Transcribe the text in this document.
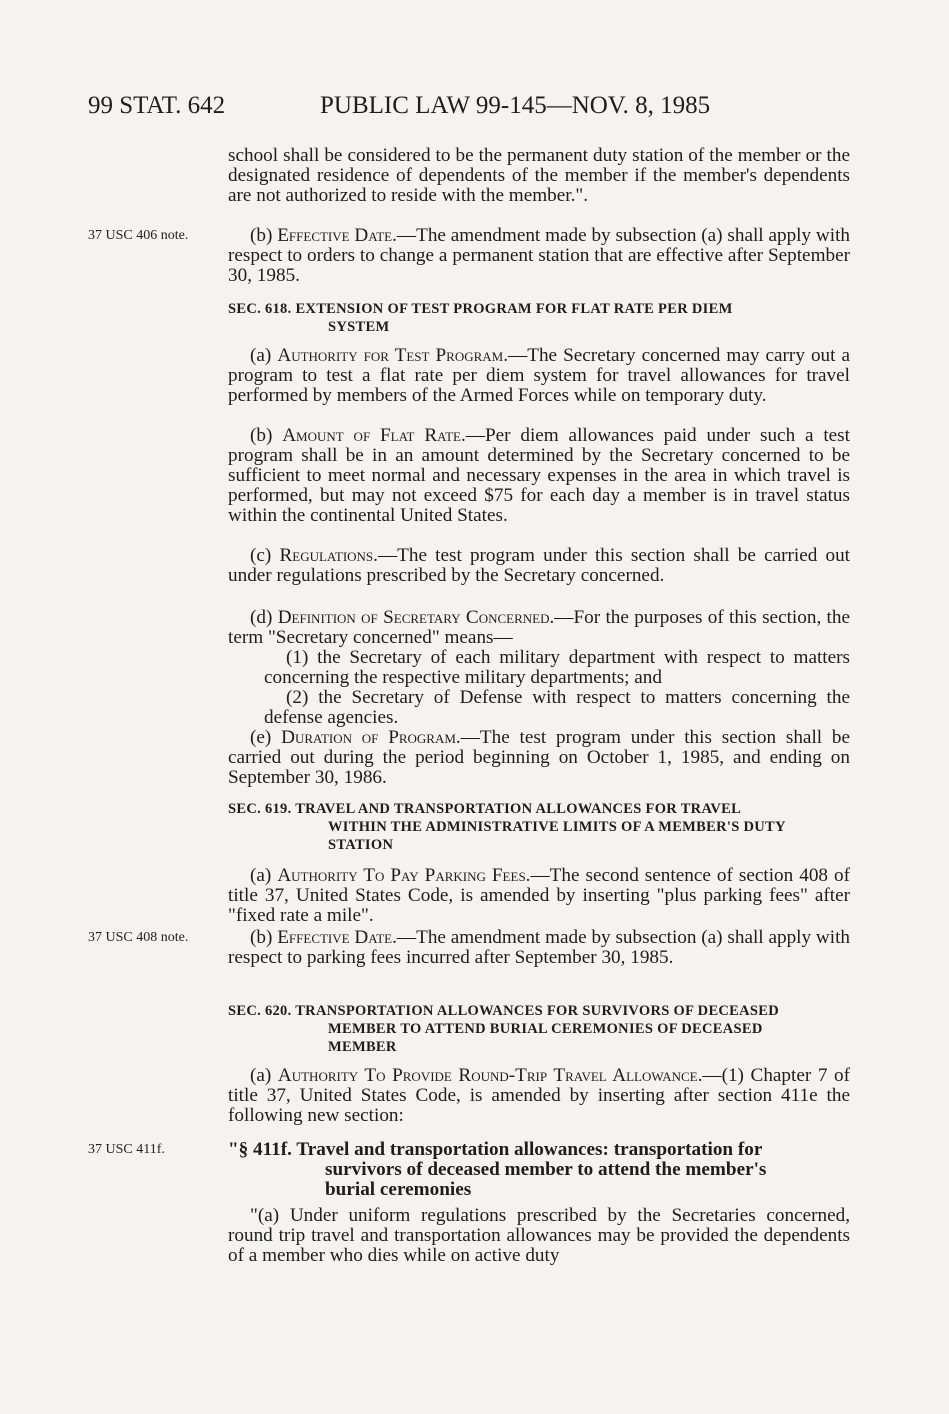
99 STAT. 642	PUBLIC LAW 99-145—NOV. 8, 1985

school shall be considered to be the permanent duty station of the member or the designated residence of dependents of the member if the member's dependents are not authorized to reside with the member.".

37 USC 406 note.	(b) Effective Date.—The amendment made by subsection (a) shall apply with respect to orders to change a permanent station that are effective after September 30, 1985.

SEC. 618. EXTENSION OF TEST PROGRAM FOR FLAT RATE PER DIEM
SYSTEM

(a) Authority for Test Program.—The Secretary concerned may carry out a program to test a flat rate per diem system for travel allowances for travel performed by members of the Armed Forces while on temporary duty.

(b) Amount of Flat Rate.—Per diem allowances paid under such a test program shall be in an amount determined by the Secretary concerned to be sufficient to meet normal and necessary expenses in the area in which travel is performed, but may not exceed $75 for each day a member is in travel status within the continental United States.

(c) Regulations.—The test program under this section shall be carried out under regulations prescribed by the Secretary concerned.

(d) Definition of Secretary Concerned.—For the purposes of this section, the term "Secretary concerned" means—

(1) the Secretary of each military department with respect to matters concerning the respective military departments; and

(2) the Secretary of Defense with respect to matters concerning the defense agencies.

(e) Duration of Program.—The test program under this section shall be carried out during the period beginning on October 1, 1985, and ending on September 30, 1986.

SEC. 619. TRAVEL AND TRANSPORTATION ALLOWANCES FOR TRAVEL
WITHIN THE ADMINISTRATIVE LIMITS OF A MEMBER'S DUTY
STATION

(a) Authority To Pay Parking Fees.—The second sentence of section 408 of title 37, United States Code, is amended by inserting "plus parking fees" after "fixed rate a mile".

37 USC 408 note.	(b) Effective Date.—The amendment made by subsection (a) shall apply with respect to parking fees incurred after September 30, 1985.

SEC. 620. TRANSPORTATION ALLOWANCES FOR SURVIVORS OF DECEASED
MEMBER TO ATTEND BURIAL CEREMONIES OF DECEASED
MEMBER

(a) Authority To Provide Round-Trip Travel Allowance.—(1) Chapter 7 of title 37, United States Code, is amended by inserting after section 411e the following new section:

37 USC 411f.	"§ 411f. Travel and transportation allowances: transportation for
survivors of deceased member to attend the member's
burial ceremonies

"(a) Under uniform regulations prescribed by the Secretaries concerned, round trip travel and transportation allowances may be provided the dependents of a member who dies while on active duty
